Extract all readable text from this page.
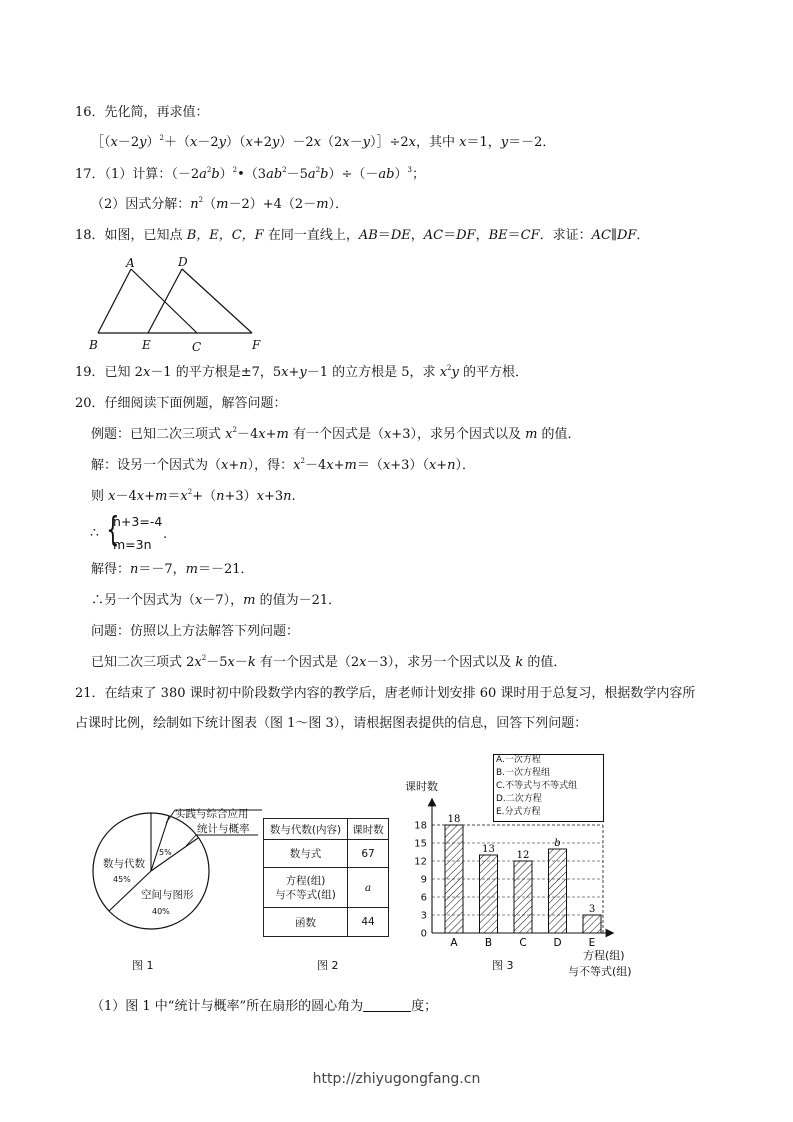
16．先化简，再求值：
$[(x-2y)^2+(x-2y)(x+2y)-2x(2x-y)]\div 2x$，其中 x＝1，y＝－2．
17．（1）计算：$(-2a^2b)^2•(3ab^2-5a^2b)\div(-ab)^3$；
（2）因式分解：$n^2(m-2)+4(2-m)$．
18．如图，已知点 B，E，C，F 在同一直线上，AB＝DE，AC＝DF，BE＝CF．求证：AC∥DF．
A	D
B	E	C	F
19．已知 2x－1 的平方根是±7，5x+y－1 的立方根是 5，求 $x^2y$ 的平方根．
20．仔细阅读下面例题，解答问题：
例题：已知二次三项式 $x^2-4x+m$ 有一个因式是（x+3），求另个因式以及 m 的值．
解：设另一个因式为（x+n），得：$x^2-4x+m=(x+3)(x+n)$．
则 $x-4x+m=x^2+(n+3)x+3n$.
∴ {
n+3=-4
m=3n
.
解得：n＝－7，m＝－21．
∴另一个因式为（x－7），m 的值为－21．
问题：仿照以上方法解答下列问题：
已知二次三项式 $2x^2-5x-k$ 有一个因式是（2x－3），求另一个因式以及 k 的值．
21．在结束了 380 课时初中阶段数学内容的教学后，唐老师计划安排 60 课时用于总复习，根据数学内容所
占课时比例，绘制如下统计图表（图 1～图 3），请根据图表提供的信息，回答下列问题：
实践与综合应用
5%
统计与概率
数与代数
45%
空间与图形
40%
图 1
数与代数(内容)	课时数
数与式	67
方程(组)
与不等式(组)	a
函数	44
图 2
A.一次方程
B.一次方程组
C.不等式与不等式组
D.二次方程
E.分式方程
课时数
0
3
6
9
12
15
18
18
A
13
B
12
C
b
D
3
E
方程(组)
与不等式(组)
图 3
（1）图 1 中“统计与概率”所在扇形的圆心角为	度；
http://zhiyugongfang.cn
